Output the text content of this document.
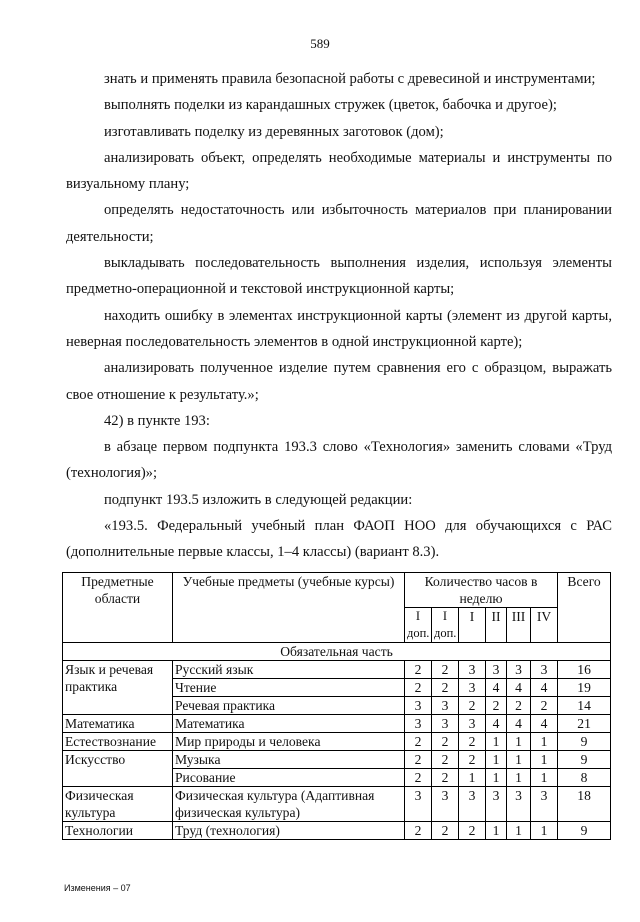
589

знать и применять правила безопасной работы с древесиной и инструментами;

выполнять поделки из карандашных стружек (цветок, бабочка и другое);

изготавливать поделку из деревянных заготовок (дом);

анализировать объект, определять необходимые материалы и инструменты по визуальному плану;

определять недостаточность или избыточность материалов при планировании деятельности;

выкладывать последовательность выполнения изделия, используя элементы предметно-операционной и текстовой инструкционной карты;

находить ошибку в элементах инструкционной карты (элемент из другой карты, неверная последовательность элементов в одной инструкционной карте);

анализировать полученное изделие путем сравнения его с образцом, выражать свое отношение к результату.»;

42) в пункте 193:

в абзаце первом подпункта 193.3 слово «Технология» заменить словами «Труд (технология)»;

подпункт 193.5 изложить в следующей редакции:

«193.5. Федеральный учебный план ФАОП НОО для обучающихся с РАС (дополнительные первые классы, 1–4 классы) (вариант 8.3).

Предметные области	Учебные предметы (учебные курсы)	Количество часов в неделю						Всего
		I доп.	I доп.	I	II	III	IV	
Обязательная часть								
Язык и речевая практика	Русский язык	2	2	3	3	3	3	16
	Чтение	2	2	3	4	4	4	19
	Речевая практика	3	3	2	2	2	2	14
Математика	Математика	3	3	3	4	4	4	21
Естествознание	Мир природы и человека	2	2	2	1	1	1	9
Искусство	Музыка	2	2	2	1	1	1	9
	Рисование	2	2	1	1	1	1	8
Физическая культура	Физическая культура (Адаптивная физическая культура)	3	3	3	3	3	3	18
Технологии	Труд (технология)	2	2	2	1	1	1	9
Изменения – 07
